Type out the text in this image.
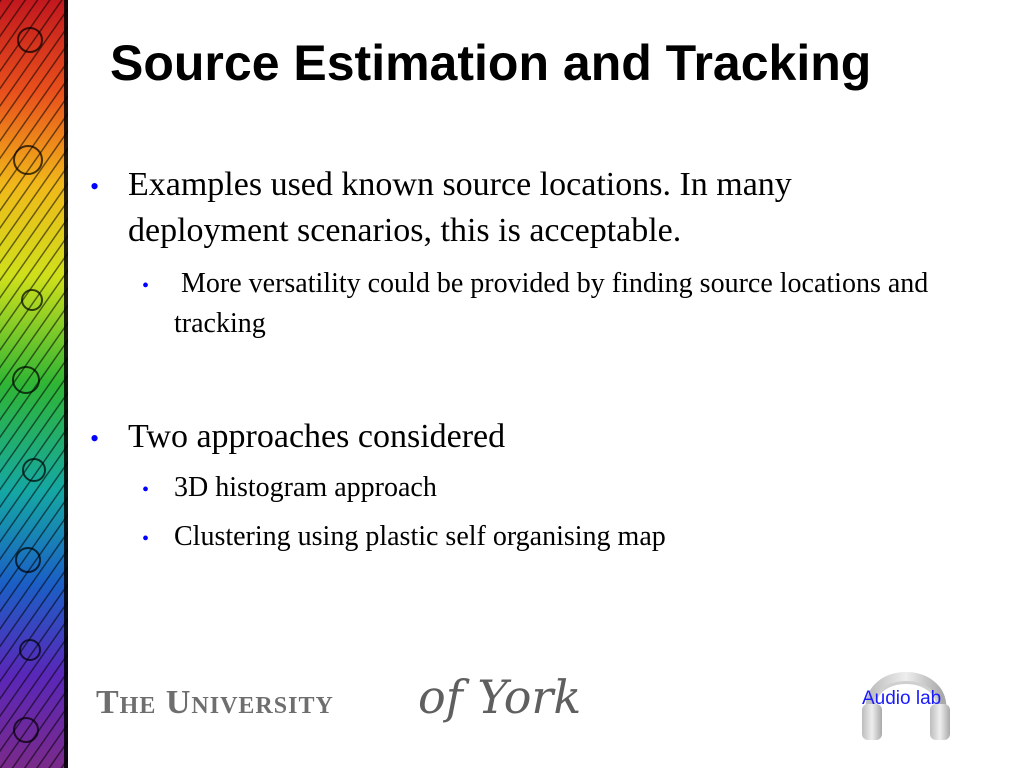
Source Estimation and Tracking
• Examples used known source locations. In many deployment scenarios, this is acceptable.
• More versatility could be provided by finding source locations and tracking
• Two approaches considered
• 3D histogram approach
• Clustering using plastic self organising map
The University of York	Audio lab
